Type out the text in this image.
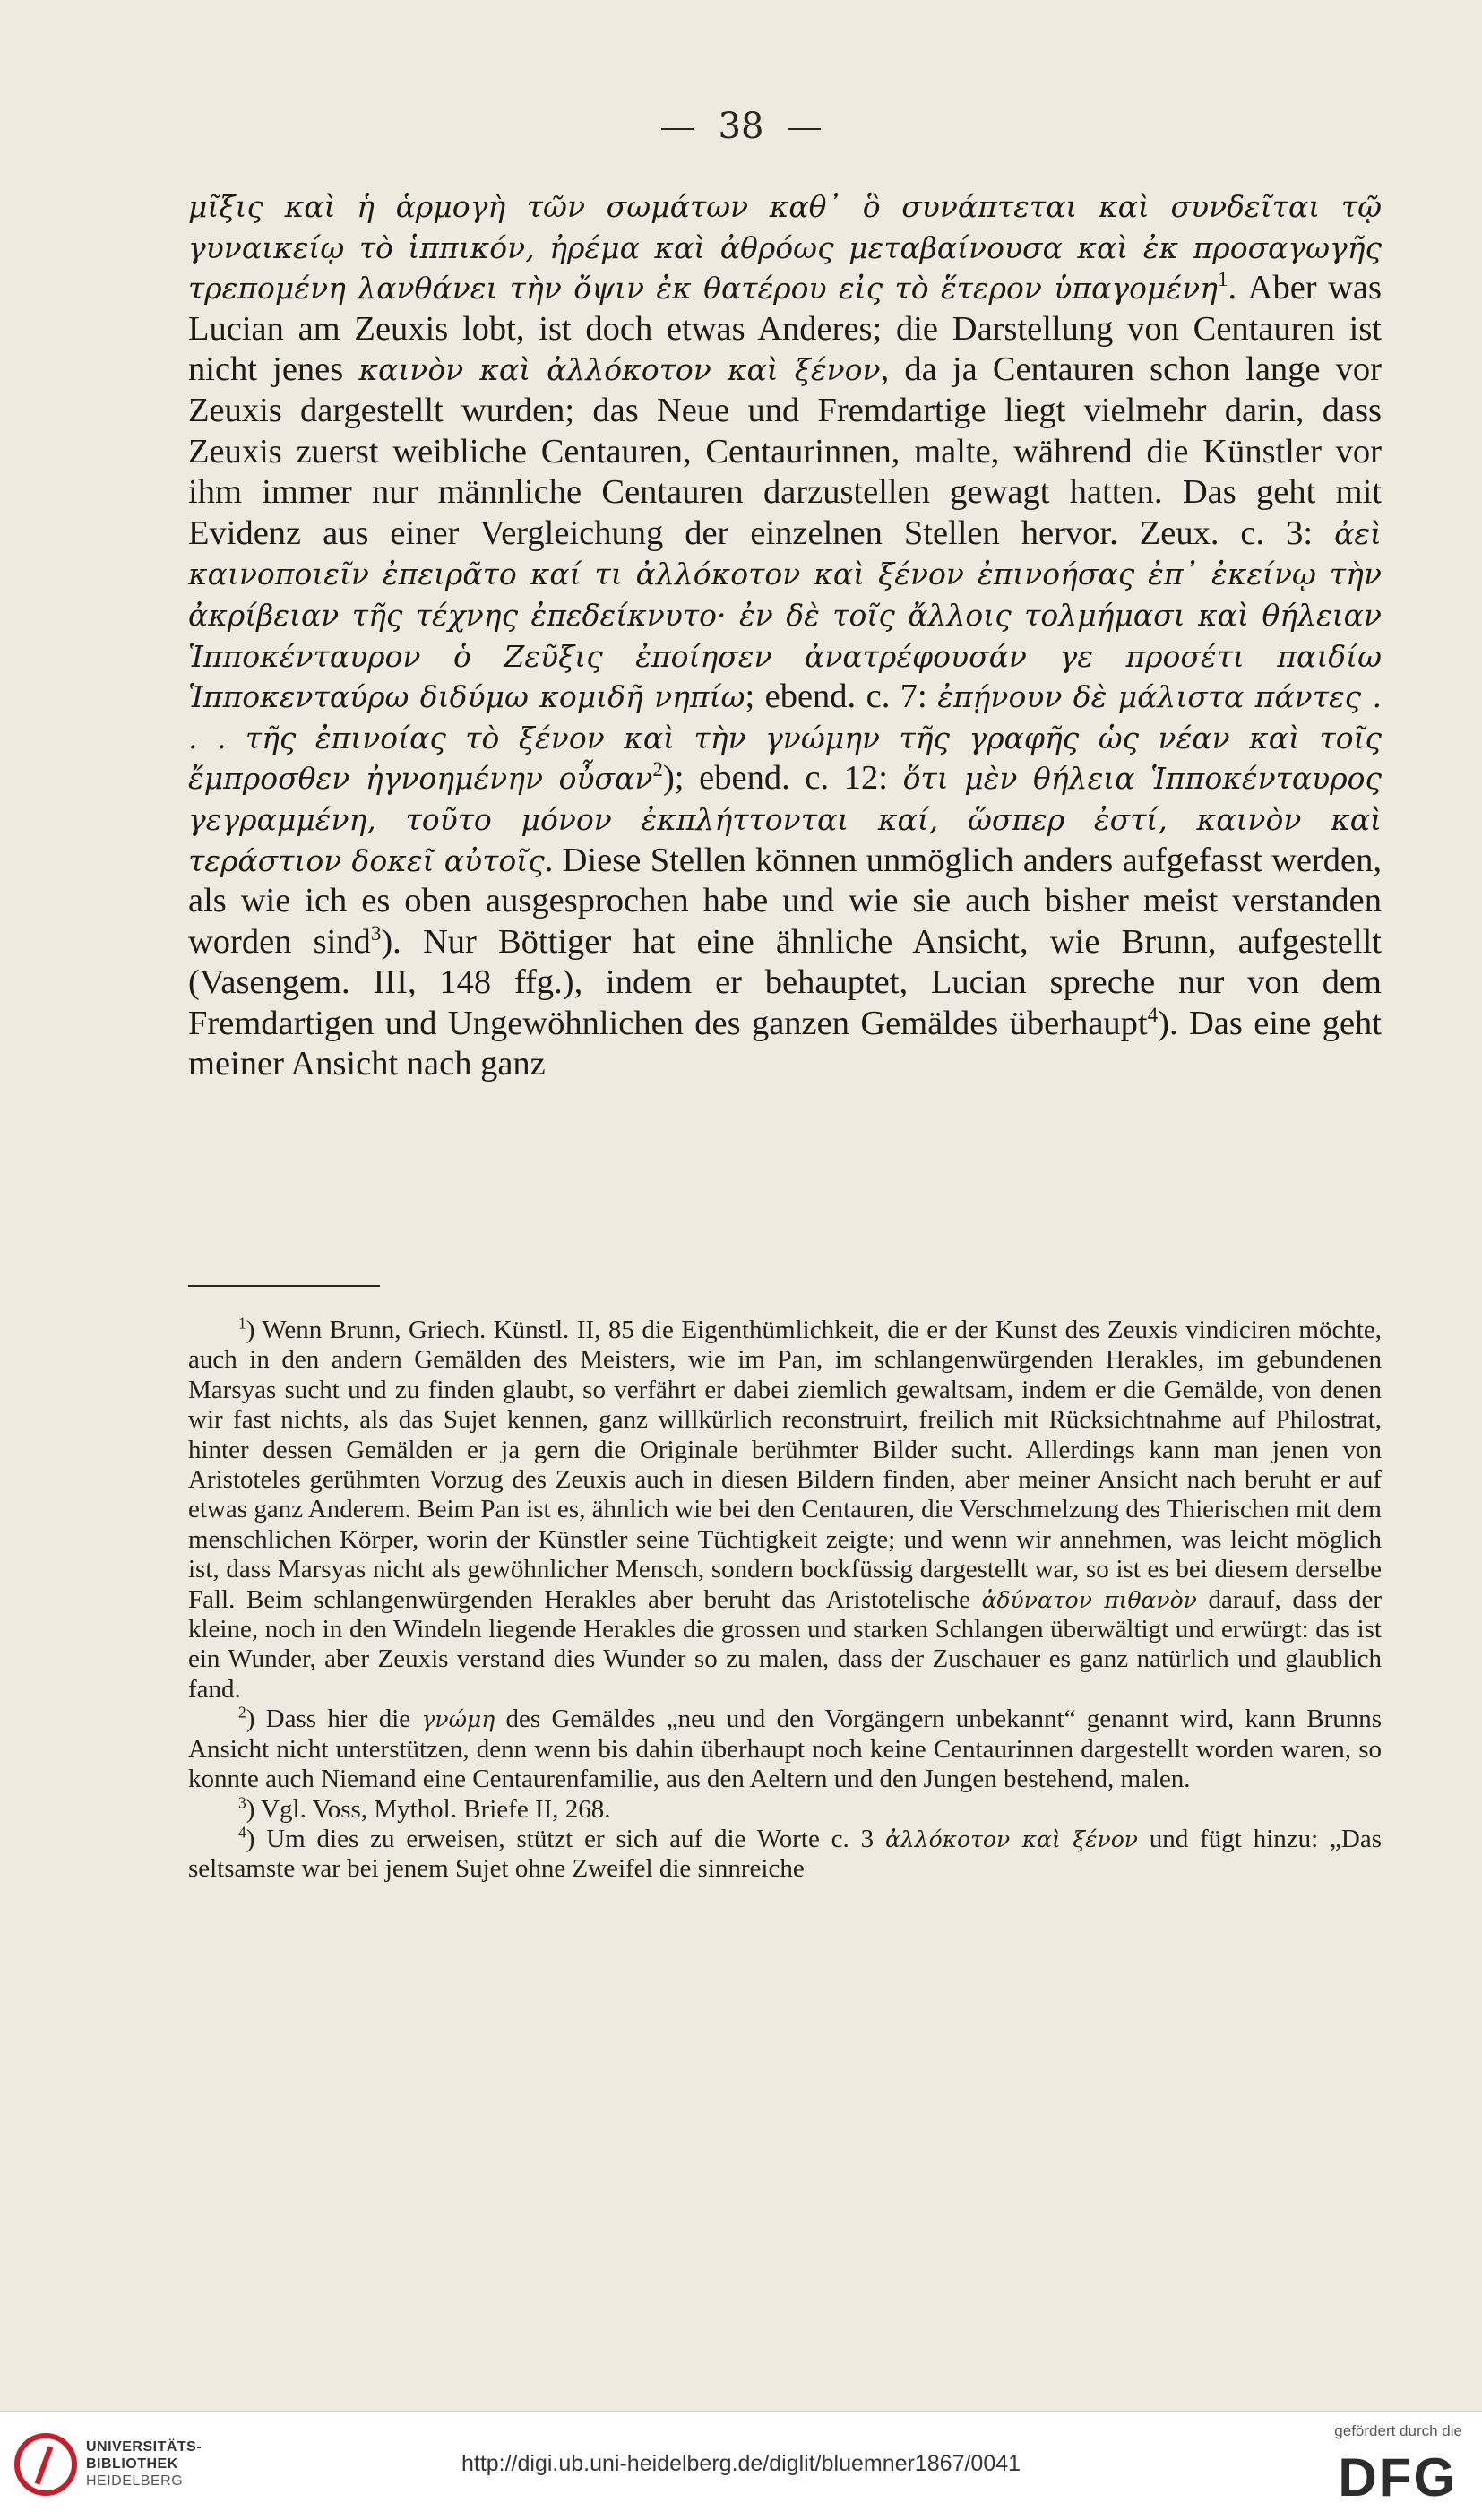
38
μῖξις καὶ ἡ ἁρμογὴ τῶν σωμάτων καθ᾽ ὃ συνάπτεται καὶ συνδεῖται τῷ γυναικείῳ τὸ ἱππικόν, ἠρέμα καὶ ἀθρόως μεταβαίνουσα καὶ ἐκ προσαγωγῆς τρεπομένη λανθάνει τὴν ὄψιν ἐκ θατέρου εἰς τὸ ἕτερον ὑπαγομένη$^1$. Aber was Lucian am Zeuxis lobt, ist doch etwas Anderes; die Darstellung von Centauren ist nicht jenes καινὸν καὶ ἀλλόκοτον καὶ ξένον, da ja Centauren schon lange vor Zeuxis dargestellt wurden; das Neue und Fremdartige liegt vielmehr darin, dass Zeuxis zuerst weibliche Centauren, Centaurinnen, malte, während die Künstler vor ihm immer nur männliche Centauren darzustellen gewagt hatten. Das geht mit Evidenz aus einer Vergleichung der einzelnen Stellen hervor. Zeux. c. 3: ἀεὶ καινοποιεῖν ἐπειρᾶτο καί τι ἀλλόκοτον καὶ ξένον ἐπινοήσας ἐπ᾽ ἐκείνῳ τὴν ἀκρίβειαν τῆς τέχνης ἐπεδείκνυτο· ἐν δὲ τοῖς ἄλλοις τολμήμασι καὶ θήλειαν Ἱπποκένταυρον ὁ Ζεῦξις ἐποίησεν ἀνατρέφουσάν γε προσέτι παιδίω Ἱπποκενταύρω διδύμω κομιδῆ νηπίω; ebend. c. 7: ἐπῄνουν δὲ μάλιστα πάντες . . . τῆς ἐπινοίας τὸ ξένον καὶ τὴν γνώμην τῆς γραφῆς ὡς νέαν καὶ τοῖς ἔμπροσθεν ἠγνοημένην οὖσαν$^2$); ebend. c. 12: ὅτι μὲν θήλεια Ἱπποκένταυρος γεγραμμένη, τοῦτο μόνον ἐκπλήττονται καί, ὥσπερ ἐστί, καινὸν καὶ τεράστιον δοκεῖ αὐτοῖς. Diese Stellen können unmöglich anders aufgefasst werden, als wie ich es oben ausgesprochen habe und wie sie auch bisher meist verstanden worden sind$^3$). Nur Böttiger hat eine ähnliche Ansicht, wie Brunn, aufgestellt (Vasengem. III, 148 ffg.), indem er behauptet, Lucian spreche nur von dem Fremdartigen und Ungewöhnlichen des ganzen Gemäldes überhaupt$^4$). Das eine geht meiner Ansicht nach ganz

$^1$) Wenn Brunn, Griech. Künstl. II, 85 die Eigenthümlichkeit, die er der Kunst des Zeuxis vindiciren möchte, auch in den andern Gemälden des Meisters, wie im Pan, im schlangenwürgenden Herakles, im gebundenen Marsyas sucht und zu finden glaubt, so verfährt er dabei ziemlich gewaltsam, indem er die Gemälde, von denen wir fast nichts, als das Sujet kennen, ganz willkürlich reconstruirt, freilich mit Rücksichtnahme auf Philostrat, hinter dessen Gemälden er ja gern die Originale berühmter Bilder sucht. Allerdings kann man jenen von Aristoteles gerühmten Vorzug des Zeuxis auch in diesen Bildern finden, aber meiner Ansicht nach beruht er auf etwas ganz Anderem. Beim Pan ist es, ähnlich wie bei den Centauren, die Verschmelzung des Thierischen mit dem menschlichen Körper, worin der Künstler seine Tüchtigkeit zeigte; und wenn wir annehmen, was leicht möglich ist, dass Marsyas nicht als gewöhnlicher Mensch, sondern bockfüssig dargestellt war, so ist es bei diesem derselbe Fall. Beim schlangenwürgenden Herakles aber beruht das Aristotelische ἀδύνατον πιθανὸν darauf, dass der kleine, noch in den Windeln liegende Herakles die grossen und starken Schlangen überwältigt und erwürgt: das ist ein Wunder, aber Zeuxis verstand dies Wunder so zu malen, dass der Zuschauer es ganz natürlich und glaublich fand.

$^2$) Dass hier die γνώμη des Gemäldes „neu und den Vorgängern unbekannt“ genannt wird, kann Brunns Ansicht nicht unterstützen, denn wenn bis dahin überhaupt noch keine Centaurinnen dargestellt worden waren, so konnte auch Niemand eine Centaurenfamilie, aus den Aeltern und den Jungen bestehend, malen.

$^3$) Vgl. Voss, Mythol. Briefe II, 268.

$^4$) Um dies zu erweisen, stützt er sich auf die Worte c. 3 ἀλλόκοτον καὶ ξένον und fügt hinzu: „Das seltsamste war bei jenem Sujet ohne Zweifel die sinnreiche

UNIVERSITÄTS-
BIBLIOTHEK
HEIDELBERG
http://digi.ub.uni-heidelberg.de/diglit/bluemner1867/0041
gefördert durch die
DFG
